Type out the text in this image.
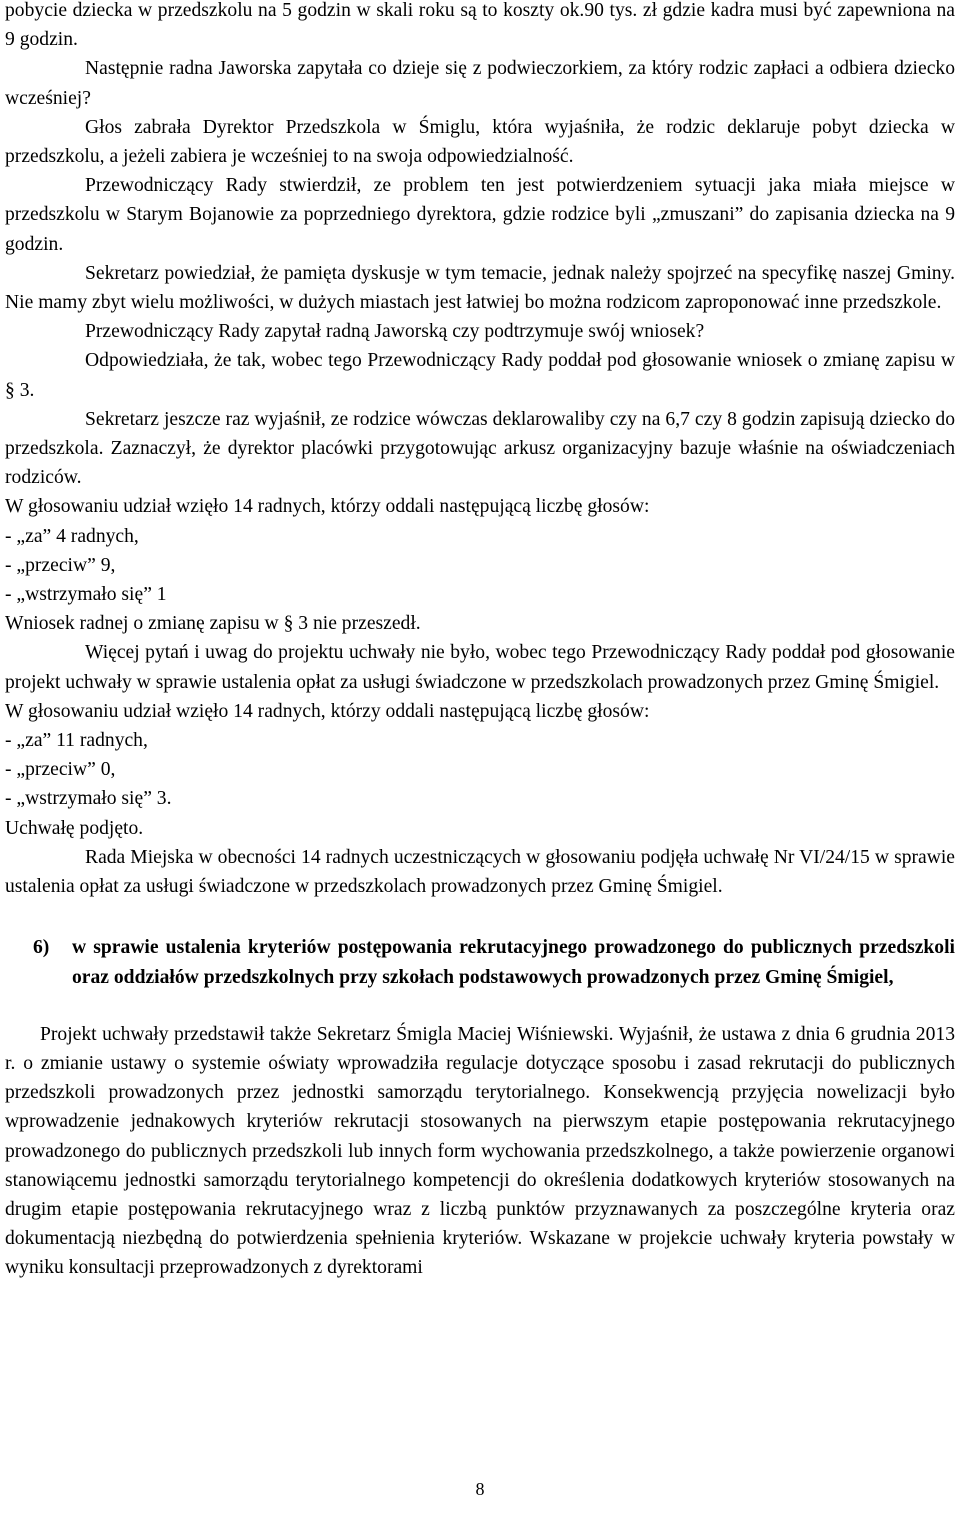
pobycie dziecka w przedszkolu na 5 godzin w skali roku są to koszty ok.90 tys. zł gdzie kadra musi być zapewniona na 9 godzin.

Następnie radna Jaworska zapytała co dzieje się z podwieczorkiem, za który rodzic zapłaci a odbiera dziecko wcześniej?

Głos zabrała Dyrektor Przedszkola w Śmiglu, która wyjaśniła, że rodzic deklaruje pobyt dziecka w przedszkolu, a jeżeli zabiera je wcześniej to na swoja odpowiedzialność.

Przewodniczący Rady stwierdził, ze problem ten jest potwierdzeniem sytuacji jaka miała miejsce w przedszkolu w Starym Bojanowie za poprzedniego dyrektora, gdzie rodzice byli „zmuszani” do zapisania dziecka na 9 godzin.

Sekretarz powiedział, że pamięta dyskusje w tym temacie, jednak należy spojrzeć na specyfikę naszej Gminy. Nie mamy zbyt wielu możliwości, w dużych miastach jest łatwiej bo można rodzicom zaproponować inne przedszkole.

Przewodniczący Rady zapytał radną Jaworską czy podtrzymuje swój wniosek?

Odpowiedziała, że tak, wobec tego Przewodniczący Rady poddał pod głosowanie wniosek o zmianę zapisu w § 3.

Sekretarz jeszcze raz wyjaśnił, ze rodzice wówczas deklarowaliby czy na 6,7 czy 8 godzin zapisują dziecko do przedszkola. Zaznaczył, że dyrektor placówki przygotowując arkusz organizacyjny bazuje właśnie na oświadczeniach rodziców.

W głosowaniu udział wzięło 14 radnych, którzy oddali następującą liczbę głosów:

- „za” 4 radnych,

- „przeciw” 9,

- „wstrzymało się” 1

Wniosek radnej o zmianę zapisu w § 3 nie przeszedł.

Więcej pytań i uwag do projektu uchwały nie było, wobec tego Przewodniczący Rady poddał pod głosowanie projekt uchwały w sprawie ustalenia opłat za usługi świadczone w przedszkolach prowadzonych przez Gminę Śmigiel.

W głosowaniu udział wzięło 14 radnych, którzy oddali następującą liczbę głosów:

- „za” 11 radnych,

- „przeciw” 0,

- „wstrzymało się” 3.

Uchwałę podjęto.

Rada Miejska w obecności 14 radnych uczestniczących w głosowaniu podjęła uchwałę Nr VI/24/15 w sprawie ustalenia opłat za usługi świadczone w przedszkolach prowadzonych przez Gminę Śmigiel.

6)	w sprawie ustalenia kryteriów postępowania rekrutacyjnego prowadzonego do publicznych przedszkoli oraz oddziałów przedszkolnych przy szkołach podstawowych prowadzonych przez Gminę Śmigiel,

Projekt uchwały przedstawił także Sekretarz Śmigla Maciej Wiśniewski. Wyjaśnił, że ustawa z dnia 6 grudnia 2013 r. o zmianie ustawy o systemie oświaty wprowadziła regulacje dotyczące sposobu i zasad rekrutacji do publicznych przedszkoli prowadzonych przez jednostki samorządu terytorialnego. Konsekwencją przyjęcia nowelizacji było wprowadzenie jednakowych kryteriów rekrutacji stosowanych na pierwszym etapie postępowania rekrutacyjnego prowadzonego do publicznych przedszkoli lub innych form wychowania przedszkolnego, a także powierzenie organowi stanowiącemu jednostki samorządu terytorialnego kompetencji do określenia dodatkowych kryteriów stosowanych na drugim etapie postępowania rekrutacyjnego wraz z liczbą punktów przyznawanych za poszczególne kryteria oraz dokumentacją niezbędną do potwierdzenia spełnienia kryteriów. Wskazane w projekcie uchwały kryteria powstały w wyniku konsultacji przeprowadzonych z dyrektorami

8
